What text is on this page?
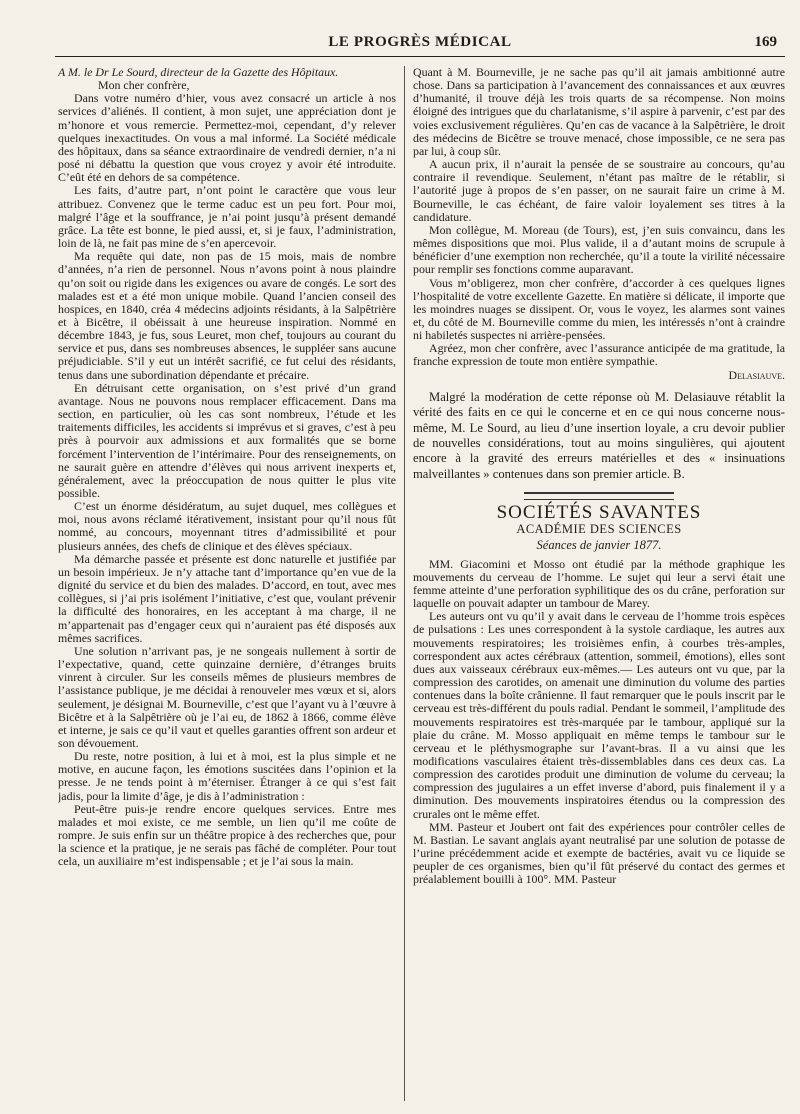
LE PROGRÈS MÉDICAL	169

A M. le Dr Le Sourd, directeur de la Gazette des Hôpitaux.

Mon cher confrère,

Dans votre numéro d’hier, vous avez consacré un article à nos services d’aliénés. Il contient, à mon sujet, une appréciation dont je m’honore et vous remercie. Permettez-moi, cependant, d’y relever quelques inexactitudes. On vous a mal informé. La Société médicale des hôpitaux, dans sa séance extraordinaire de vendredi dernier, n’a ni posé ni débattu la question que vous croyez y avoir été introduite. C’eût été en dehors de sa compétence.

Les faits, d’autre part, n’ont point le caractère que vous leur attribuez. Convenez que le terme caduc est un peu fort. Pour moi, malgré l’âge et la souffrance, je n’ai point jusqu’à présent demandé grâce. La tête est bonne, le pied aussi, et, si je faux, l’administration, loin de là, ne fait pas mine de s’en apercevoir.

Ma requête qui date, non pas de 15 mois, mais de nombre d’années, n’a rien de personnel. Nous n’avons point à nous plaindre qu’on soit ou rigide dans les exigences ou avare de congés. Le sort des malades est et a été mon unique mobile. Quand l’ancien conseil des hospices, en 1840, créa 4 médecins adjoints résidants, à la Salpêtrière et à Bicêtre, il obéissait à une heureuse inspiration. Nommé en décembre 1843, je fus, sous Leuret, mon chef, toujours au courant du service et pus, dans ses nombreuses absences, le suppléer sans aucune préjudiciable. S’il y eut un intérêt sacrifié, ce fut celui des résidants, tenus dans une subordination dépendante et précaire.

En détruisant cette organisation, on s’est privé d’un grand avantage. Nous ne pouvons nous remplacer efficacement. Dans ma section, en particulier, où les cas sont nombreux, l’étude et les traitements difficiles, les accidents si imprévus et si graves, c’est à peu près à pourvoir aux admissions et aux formalités que se borne forcément l’intervention de l’intérimaire. Pour des renseignements, on ne saurait guère en attendre d’élèves qui nous arrivent inexperts et, généralement, avec la préoccupation de nous quitter le plus vite possible.

C’est un énorme désidératum, au sujet duquel, mes collègues et moi, nous avons réclamé itérativement, insistant pour qu’il nous fût nommé, au concours, moyennant titres d’admissibilité et pour plusieurs années, des chefs de clinique et des élèves spéciaux.

Ma démarche passée et présente est donc naturelle et justifiée par un besoin impérieux. Je n’y attache tant d’importance qu’en vue de la dignité du service et du bien des malades. D’accord, en tout, avec mes collègues, si j’ai pris isolément l’initiative, c’est que, voulant prévenir la difficulté des honoraires, en les acceptant à ma charge, il ne m’appartenait pas d’engager ceux qui n’auraient pas été disposés aux mêmes sacrifices.

Une solution n’arrivant pas, je ne songeais nullement à sortir de l’expectative, quand, cette quinzaine dernière, d’étranges bruits vinrent à circuler. Sur les conseils mêmes de plusieurs membres de l’assistance publique, je me décidai à renouveler mes vœux et si, alors seulement, je désignai M. Bourneville, c’est que l’ayant vu à l’œuvre à Bicêtre et à la Salpêtrière où je l’ai eu, de 1862 à 1866, comme élève et interne, je sais ce qu’il vaut et quelles garanties offrent son ardeur et son dévouement.

Du reste, notre position, à lui et à moi, est la plus simple et ne motive, en aucune façon, les émotions suscitées dans l’opinion et la presse. Je ne tends point à m’éterniser. Étranger à ce qui s’est fait jadis, pour la limite d’âge, je dis à l’administration :

Peut-être puis-je rendre encore quelques services. Entre mes malades et moi existe, ce me semble, un lien qu’il me coûte de rompre. Je suis enfin sur un théâtre propice à des recherches que, pour la science et la pratique, je ne serais pas fâché de compléter. Pour tout cela, un auxiliaire m’est indispensable ; et je l’ai sous la main.

Quant à M. Bourneville, je ne sache pas qu’il ait jamais ambitionné autre chose. Dans sa participation à l’avancement des connaissances et aux œuvres d’humanité, il trouve déjà les trois quarts de sa récompense. Non moins éloigné des intrigues que du charlatanisme, s’il aspire à parvenir, c’est par des voies exclusivement régulières. Qu’en cas de vacance à la Salpêtrière, le droit des médecins de Bicêtre se trouve menacé, chose impossible, ce ne sera pas par lui, à coup sûr.

A aucun prix, il n’aurait la pensée de se soustraire au concours, qu’au contraire il revendique. Seulement, n’étant pas maître de le rétablir, si l’autorité juge à propos de s’en passer, on ne saurait faire un crime à M. Bourneville, le cas échéant, de faire valoir loyalement ses titres à la candidature.

Mon collègue, M. Moreau (de Tours), est, j’en suis convaincu, dans les mêmes dispositions que moi. Plus valide, il a d’autant moins de scrupule à bénéficier d’une exemption non recherchée, qu’il a toute la virilité nécessaire pour remplir ses fonctions comme auparavant.

Vous m’obligerez, mon cher confrère, d’accorder à ces quelques lignes l’hospitalité de votre excellente Gazette. En matière si délicate, il importe que les moindres nuages se dissipent. Or, vous le voyez, les alarmes sont vaines et, du côté de M. Bourneville comme du mien, les intéressés n’ont à craindre ni habiletés suspectes ni arrière-pensées.

Agréez, mon cher confrère, avec l’assurance anticipée de ma gratitude, la franche expression de toute mon entière sympathie.

Delasiauve.

Malgré la modération de cette réponse où M. Delasiauve rétablit la vérité des faits en ce qui le concerne et en ce qui nous concerne nous-même, M. Le Sourd, au lieu d’une insertion loyale, a cru devoir publier de nouvelles considérations, tout au moins singulières, qui ajoutent encore à la gravité des erreurs matérielles et des « insinuations malveillantes » contenues dans son premier article. B.

SOCIÉTÉS SAVANTES

ACADÉMIE DES SCIENCES

Séances de janvier 1877.

MM. Giacomini et Mosso ont étudié par la méthode graphique les mouvements du cerveau de l’homme. Le sujet qui leur a servi était une femme atteinte d’une perforation syphilitique des os du crâne, perforation sur laquelle on pouvait adapter un tambour de Marey.

Les auteurs ont vu qu’il y avait dans le cerveau de l’homme trois espèces de pulsations : Les unes correspondent à la systole cardiaque, les autres aux mouvements respiratoires; les troisièmes enfin, à courbes très-amples, correspondent aux actes cérébraux (attention, sommeil, émotions), elles sont dues aux vaisseaux cérébraux eux-mêmes.— Les auteurs ont vu que, par la compression des carotides, on amenait une diminution du volume des parties contenues dans la boîte crânienne. Il faut remarquer que le pouls inscrit par le cerveau est très-différent du pouls radial. Pendant le sommeil, l’amplitude des mouvements respiratoires est très-marquée par le tambour, appliqué sur la plaie du crâne. M. Mosso appliquait en même temps le tambour sur le cerveau et le pléthysmographe sur l’avant-bras. Il a vu ainsi que les modifications vasculaires étaient très-dissemblables dans ces deux cas. La compression des carotides produit une diminution de volume du cerveau; la compression des jugulaires a un effet inverse d’abord, puis finalement il y a diminution. Des mouvements inspiratoires étendus ou la compression des crurales ont le même effet.

MM. Pasteur et Joubert ont fait des expériences pour contrôler celles de M. Bastian. Le savant anglais ayant neutralisé par une solution de potasse de l’urine précédemment acide et exempte de bactéries, avait vu ce liquide se peupler de ces organismes, bien qu’il fût préservé du contact des germes et préalablement bouilli à 100°. MM. Pasteur
